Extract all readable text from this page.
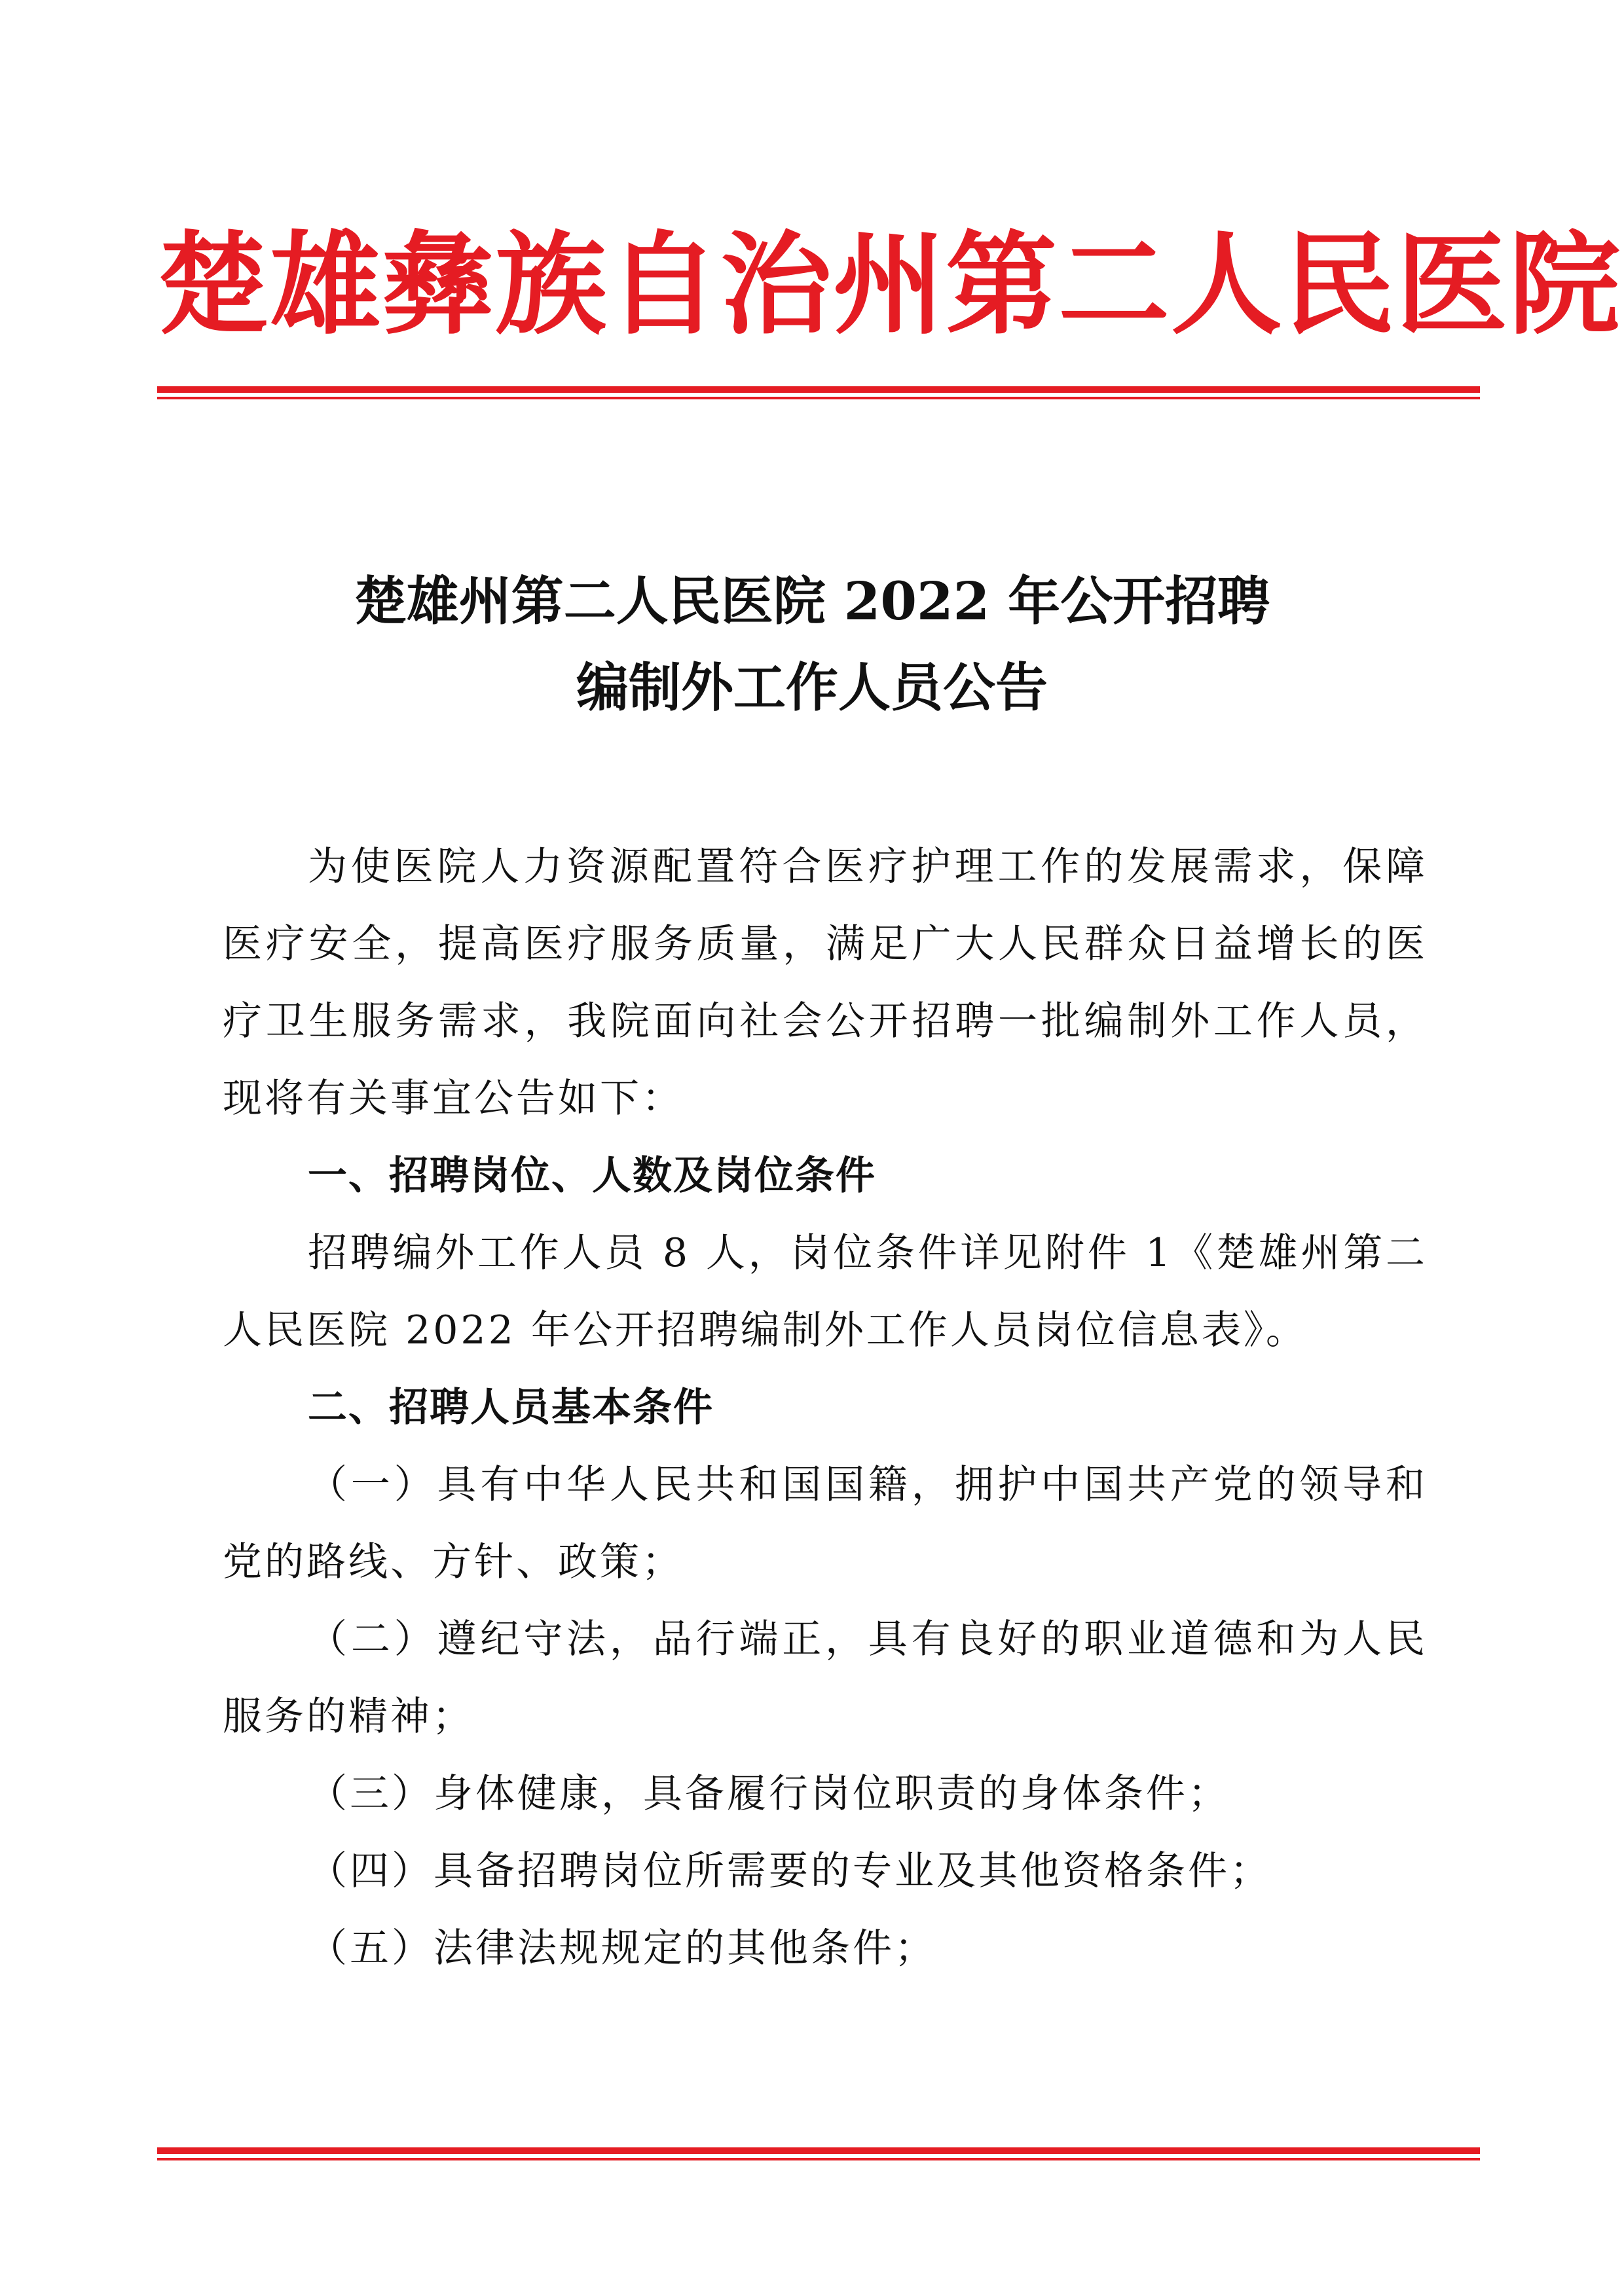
楚雄彝族自治州第二人民医院
楚雄州第二人民医院 2022 年公开招聘
编制外工作人员公告

为使医院人力资源配置符合医疗护理工作的发展需求，保障医疗安全，提高医疗服务质量，满足广大人民群众日益增长的医疗卫生服务需求，我院面向社会公开招聘一批编制外工作人员，现将有关事宜公告如下：

一、招聘岗位、人数及岗位条件

招聘编外工作人员 8 人，岗位条件详见附件 1《楚雄州第二人民医院 2022 年公开招聘编制外工作人员岗位信息表》。

二、招聘人员基本条件

（一）具有中华人民共和国国籍，拥护中国共产党的领导和党的路线、方针、政策；

（二）遵纪守法，品行端正，具有良好的职业道德和为人民服务的精神；

（三）身体健康，具备履行岗位职责的身体条件；

（四）具备招聘岗位所需要的专业及其他资格条件；

（五）法律法规规定的其他条件；
